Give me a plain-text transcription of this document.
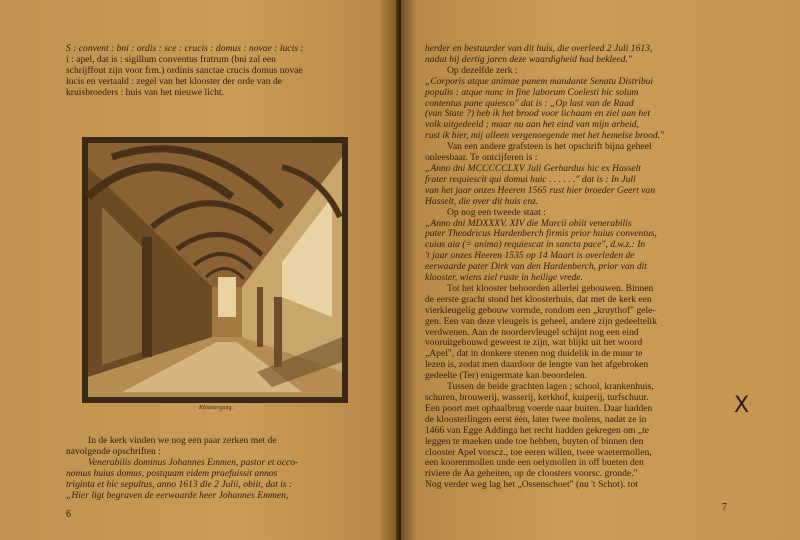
S : convent : bni : ordis : sce : crucis : domus : novae : lucis :
i : apel, dat is : sigillum conventus fratrum (bni zal een
schrijffout zijn voor frm.) ordinis sanctae crucis domus novae
lucis en vertaald : zegel van het klooster der orde van de
kruisbroeders : huis van het nieuwe licht.
Kloostergang.
In de kerk vinden we nog een paar zerken met de
navolgende opschriften :
Venerabilis dominus Johannes Emmen, pastor et occo-
nomus huius domus, postquam eidem praefuissit annos
triginta et hic sepultus, anno 1613 die 2 Julii, obiit, dat is :
„Hier ligt begraven de eerwaarde heer Johannes Emmen,
6
herder en bestuurder van dit huis, die overleed 2 Juli 1613,
nadat hij dertig jaren deze waardigheid had bekleed."
Op dezelfde zerk :
„Corporis atque animae panem mandante Senatu Distribui
populis : atque nunc in fine laborum Coelesti hic solum
contentus pane quiesco" dat is : „Op last van de Raad
(van State ?) heb ik het brood voor lichaam en ziel aan het
volk uitgedeeld ; maar nu aan het eind van mijn arbeid,
rust ik hier, mij alleen vergenoegende met het hemelse brood."
Van een andere grafsteen is het opschrift bijna geheel
onleesbaar. Te ontcijferen is :
„Anno dni MCCCCCLXV Juli Gerhardus hic ex Hasselt
frater requiescit qui domui huic . . . . . ." dat is : In Juli
van het jaar onzes Heeren 1565 rust hier broeder Geert van
Hasselt, die over dit huis enz.
Op nog een tweede staat :
„Anno dni MDXXXV. XIV die Marcii obiit venerabilis
pater Theodricus Hardenberch firmis prior huius conventus,
cuius aia (= anima) requiescat in sancta pace", d.w.z.: In
't jaar onzes Heeren 1535 op 14 Maart is overleden de
eerwaarde pater Dirk van den Hardenberch, prior van dit
klooster, wiens ziel ruste in heilige vrede.
Tot het klooster behoorden allerlei gebouwen. Binnen
de eerste gracht stond het kloosterhuis, dat met de kerk een
vierkleugelig gebouw vormde, rondom een „kruythof" gele-
gen. Een van deze vleugels is geheel, andere zijn gedeeltelik
verdwenen. Aan de noordervleugel schijnt nog een eind
vooruitgebouwd geweest te zijn, wat blijkt uit het woord
„Apel", dat in donkere stenen nog duidelik in de muur te
lezen is, zodat men daardoor de lengte van het afgebroken
gedeelte (Ter) enigermate kan beoordelen.
Tussen de beide grachten lagen ; school, krankenhuis,
schuren, brouwerij, wasserij, kerkhof, kuiperij, turfschuur.
Een poort met ophaalbrug voerde naar buiten. Daar hadden
de kloosterlingen eerst één, later twee molens, nadat ze in
1466 van Egge Addinga het recht hadden gekregen om „te
leggen te maeken unde toe hebben, buyten of binnen den
clooster Apel vorscz., toe eeren willen, twee waetermollen,
een koorenmollen unde een oelymollen in off bueten den
riviere de Aa geheiten, op de cloosters voorsc. gronde."
Nog verder weg lag het „Ossenschoet" (nu 't Schot). tot
X
7
